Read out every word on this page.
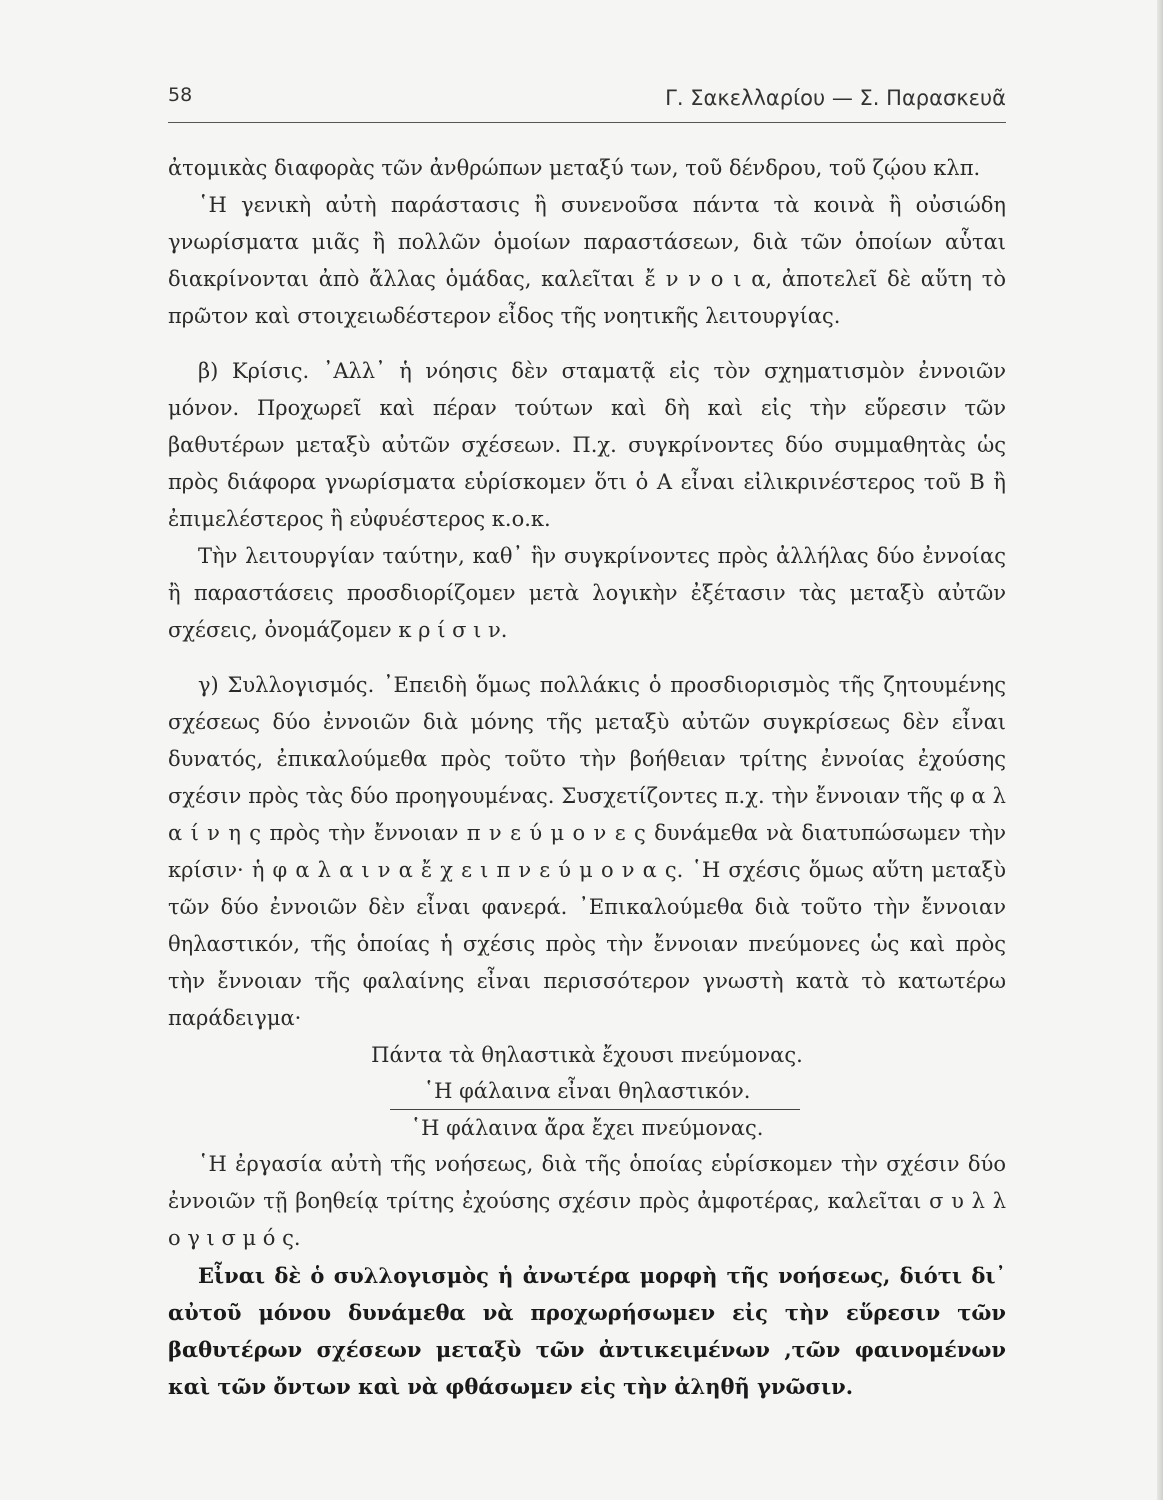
58	Γ. Σακελλαρίου — Σ. Παρασκευᾶ

ἀτομικὰς διαφορὰς τῶν ἀνθρώπων μεταξύ των, τοῦ δένδρου, τοῦ ζῴου κλπ.

῾Η γενικὴ αὐτὴ παράστασις ἢ συνενοῦσα πάντα τὰ κοινὰ ἢ οὐσιώδη γνωρίσματα μιᾶς ἢ πολλῶν ὁμοίων παραστάσεων, διὰ τῶν ὁποίων αὗται διακρίνονται ἀπὸ ἄλλας ὁμάδας, καλεῖται ἔ ν ν ο ι α, ἀποτελεῖ δὲ αὕτη τὸ πρῶτον καὶ στοιχειωδέστερον εἶδος τῆς νοητικῆς λειτουργίας.

β) Κρίσις. ᾽Αλλ᾽ ἡ νόησις δὲν σταματᾷ εἰς τὸν σχηματισμὸν ἐννοιῶν μόνον. Προχωρεῖ καὶ πέραν τούτων καὶ δὴ καὶ εἰς τὴν εὕρεσιν τῶν βαθυτέρων μεταξὺ αὐτῶν σχέσεων. Π.χ. συγκρίνοντες δύο συμμαθητὰς ὡς πρὸς διάφορα γνωρίσματα εὑρίσκομεν ὅτι ὁ Α εἶναι εἰλικρινέστερος τοῦ Β ἢ ἐπιμελέστερος ἢ εὐφυέστερος κ.ο.κ.

Τὴν λειτουργίαν ταύτην, καθ᾽ ἣν συγκρίνοντες πρὸς ἀλλήλας δύο ἐννοίας ἢ παραστάσεις προσδιορίζομεν μετὰ λογικὴν ἐξέτασιν τὰς μεταξὺ αὐτῶν σχέσεις, ὀνομάζομεν κ ρ ί σ ι ν.

γ) Συλλογισμός. ᾽Επειδὴ ὅμως πολλάκις ὁ προσδιορισμὸς τῆς ζητουμένης σχέσεως δύο ἐννοιῶν διὰ μόνης τῆς μεταξὺ αὐτῶν συγκρίσεως δὲν εἶναι δυνατός, ἐπικαλούμεθα πρὸς τοῦτο τὴν βοήθειαν τρίτης ἐννοίας ἐχούσης σχέσιν πρὸς τὰς δύο προηγουμένας. Συσχετίζοντες π.χ. τὴν ἔννοιαν τῆς φ α λ α ί ν η ς πρὸς τὴν ἔννοιαν π ν ε ύ μ ο ν ε ς δυνάμεθα νὰ διατυπώσωμεν τὴν κρίσιν· ἡ φ α λ α ι ν α ἔ χ ε ι π ν ε ύ μ ο ν α ς. ῾Η σχέσις ὅμως αὕτη μεταξὺ τῶν δύο ἐννοιῶν δὲν εἶναι φανερά. ᾽Επικαλούμεθα διὰ τοῦτο τὴν ἔννοιαν θηλαστικόν, τῆς ὁποίας ἡ σχέσις πρὸς τὴν ἔννοιαν πνεύμονες ὡς καὶ πρὸς τὴν ἔννοιαν τῆς φαλαίνης εἶναι περισσότερον γνωστὴ κατὰ τὸ κατωτέρω παράδειγμα·

Πάντα τὰ θηλαστικὰ ἔχουσι πνεύμονας.
῾Η φάλαινα εἶναι θηλαστικόν.
῾Η φάλαινα ἄρα ἔχει πνεύμονας.

῾Η ἐργασία αὐτὴ τῆς νοήσεως, διὰ τῆς ὁποίας εὑρίσκομεν τὴν σχέσιν δύο ἐννοιῶν τῇ βοηθείᾳ τρίτης ἐχούσης σχέσιν πρὸς ἀμφοτέρας, καλεῖται σ υ λ λ ο γ ι σ μ ό ς.

Εἶναι δὲ ὁ συλλογισμὸς ἡ ἀνωτέρα μορφὴ τῆς νοήσεως, διότι δι᾽ αὐτοῦ μόνου δυνάμεθα νὰ προχωρήσωμεν εἰς τὴν εὕρεσιν τῶν βαθυτέρων σχέσεων μεταξὺ τῶν ἀντικειμένων ,τῶν φαινομένων καὶ τῶν ὄντων καὶ νὰ φθάσωμεν εἰς τὴν ἀληθῆ γνῶσιν.
